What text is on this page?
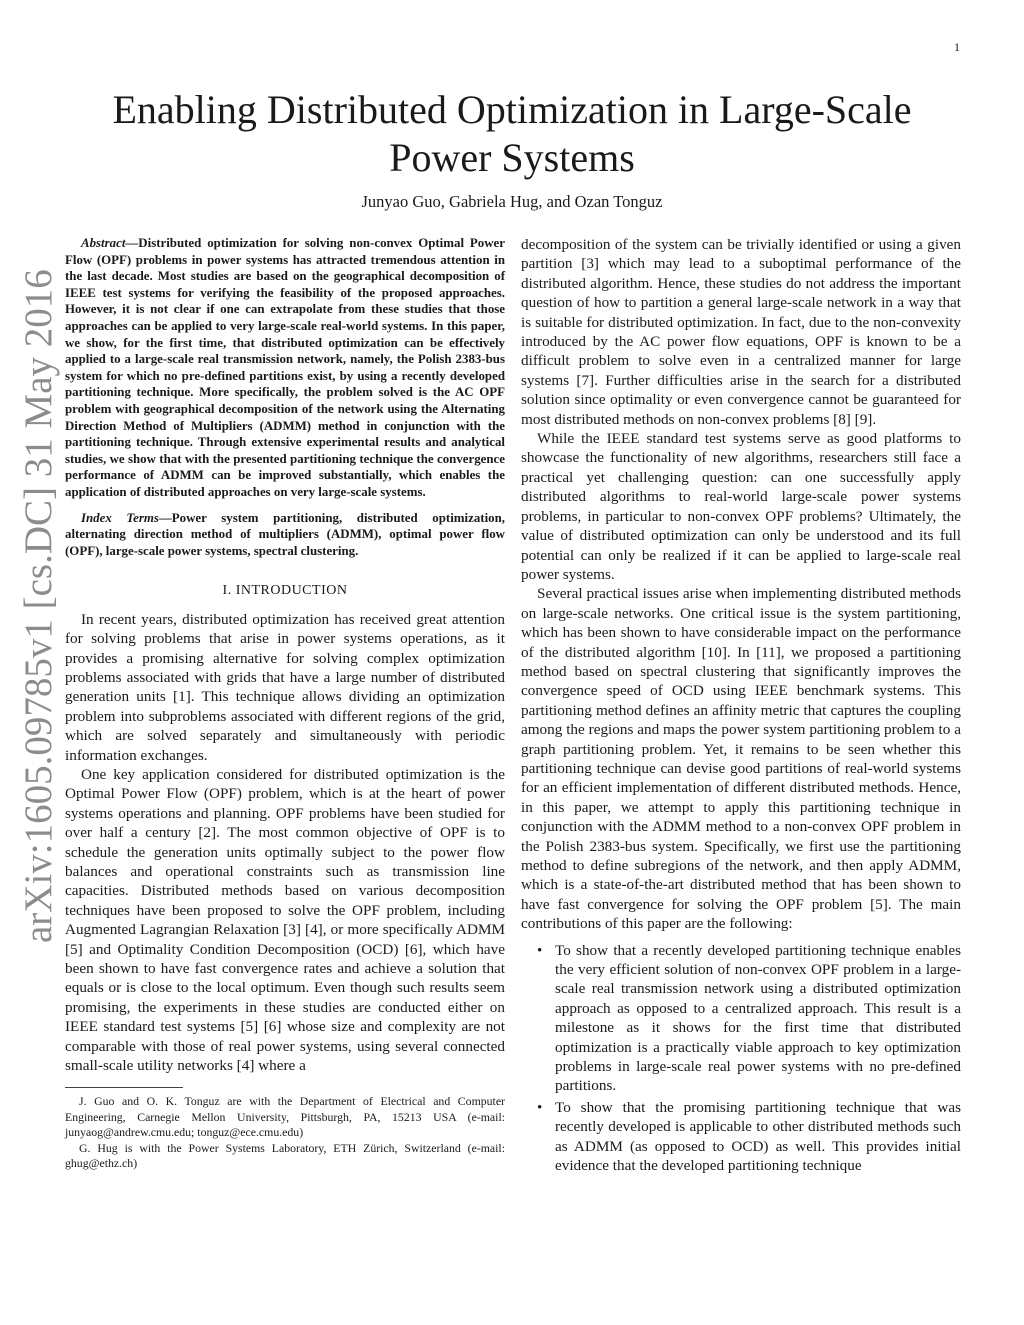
1
Enabling Distributed Optimization in Large-Scale Power Systems

Junyao Guo, Gabriela Hug, and Ozan Tonguz

arXiv:1605.09785v1 [cs.DC] 31 May 2016

Abstract—Distributed optimization for solving non-convex Optimal Power Flow (OPF) problems in power systems has attracted tremendous attention in the last decade. Most studies are based on the geographical decomposition of IEEE test systems for verifying the feasibility of the proposed approaches. However, it is not clear if one can extrapolate from these studies that those approaches can be applied to very large-scale real-world systems. In this paper, we show, for the first time, that distributed optimization can be effectively applied to a large-scale real transmission network, namely, the Polish 2383-bus system for which no pre-defined partitions exist, by using a recently developed partitioning technique. More specifically, the problem solved is the AC OPF problem with geographical decomposition of the network using the Alternating Direction Method of Multipliers (ADMM) method in conjunction with the partitioning technique. Through extensive experimental results and analytical studies, we show that with the presented partitioning technique the convergence performance of ADMM can be improved substantially, which enables the application of distributed approaches on very large-scale systems.

Index Terms—Power system partitioning, distributed optimization, alternating direction method of multipliers (ADMM), optimal power flow (OPF), large-scale power systems, spectral clustering.

I. INTRODUCTION

In recent years, distributed optimization has received great attention for solving problems that arise in power systems operations, as it provides a promising alternative for solving complex optimization problems associated with grids that have a large number of distributed generation units [1]. This technique allows dividing an optimization problem into subproblems associated with different regions of the grid, which are solved separately and simultaneously with periodic information exchanges.

One key application considered for distributed optimization is the Optimal Power Flow (OPF) problem, which is at the heart of power systems operations and planning. OPF problems have been studied for over half a century [2]. The most common objective of OPF is to schedule the generation units optimally subject to the power flow balances and operational constraints such as transmission line capacities. Distributed methods based on various decomposition techniques have been proposed to solve the OPF problem, including Augmented Lagrangian Relaxation [3] [4], or more specifically ADMM [5] and Optimality Condition Decomposition (OCD) [6], which have been shown to have fast convergence rates and achieve a solution that equals or is close to the local optimum. Even though such results seem promising, the experiments in these studies are conducted either on IEEE standard test systems [5] [6] whose size and complexity are not comparable with those of real power systems, using several connected small-scale utility networks [4] where a

J. Guo and O. K. Tonguz are with the Department of Electrical and Computer Engineering, Carnegie Mellon University, Pittsburgh, PA, 15213 USA (e-mail: junyaog@andrew.cmu.edu; tonguz@ece.cmu.edu)

G. Hug is with the Power Systems Laboratory, ETH Zürich, Switzerland (e-mail: ghug@ethz.ch)

decomposition of the system can be trivially identified or using a given partition [3] which may lead to a suboptimal performance of the distributed algorithm. Hence, these studies do not address the important question of how to partition a general large-scale network in a way that is suitable for distributed optimization. In fact, due to the non-convexity introduced by the AC power flow equations, OPF is known to be a difficult problem to solve even in a centralized manner for large systems [7]. Further difficulties arise in the search for a distributed solution since optimality or even convergence cannot be guaranteed for most distributed methods on non-convex problems [8] [9].

While the IEEE standard test systems serve as good platforms to showcase the functionality of new algorithms, researchers still face a practical yet challenging question: can one successfully apply distributed algorithms to real-world large-scale power systems problems, in particular to non-convex OPF problems? Ultimately, the value of distributed optimization can only be understood and its full potential can only be realized if it can be applied to large-scale real power systems.

Several practical issues arise when implementing distributed methods on large-scale networks. One critical issue is the system partitioning, which has been shown to have considerable impact on the performance of the distributed algorithm [10]. In [11], we proposed a partitioning method based on spectral clustering that significantly improves the convergence speed of OCD using IEEE benchmark systems. This partitioning method defines an affinity metric that captures the coupling among the regions and maps the power system partitioning problem to a graph partitioning problem. Yet, it remains to be seen whether this partitioning technique can devise good partitions of real-world systems for an efficient implementation of different distributed methods. Hence, in this paper, we attempt to apply this partitioning technique in conjunction with the ADMM method to a non-convex OPF problem in the Polish 2383-bus system. Specifically, we first use the partitioning method to define subregions of the network, and then apply ADMM, which is a state-of-the-art distributed method that has been shown to have fast convergence for solving the OPF problem [5]. The main contributions of this paper are the following:

• To show that a recently developed partitioning technique enables the very efficient solution of non-convex OPF problem in a large-scale real transmission network using a distributed optimization approach as opposed to a centralized approach. This result is a milestone as it shows for the first time that distributed optimization is a practically viable approach to key optimization problems in large-scale real power systems with no pre-defined partitions.
• To show that the promising partitioning technique that was recently developed is applicable to other distributed methods such as ADMM (as opposed to OCD) as well. This provides initial evidence that the developed partitioning technique
